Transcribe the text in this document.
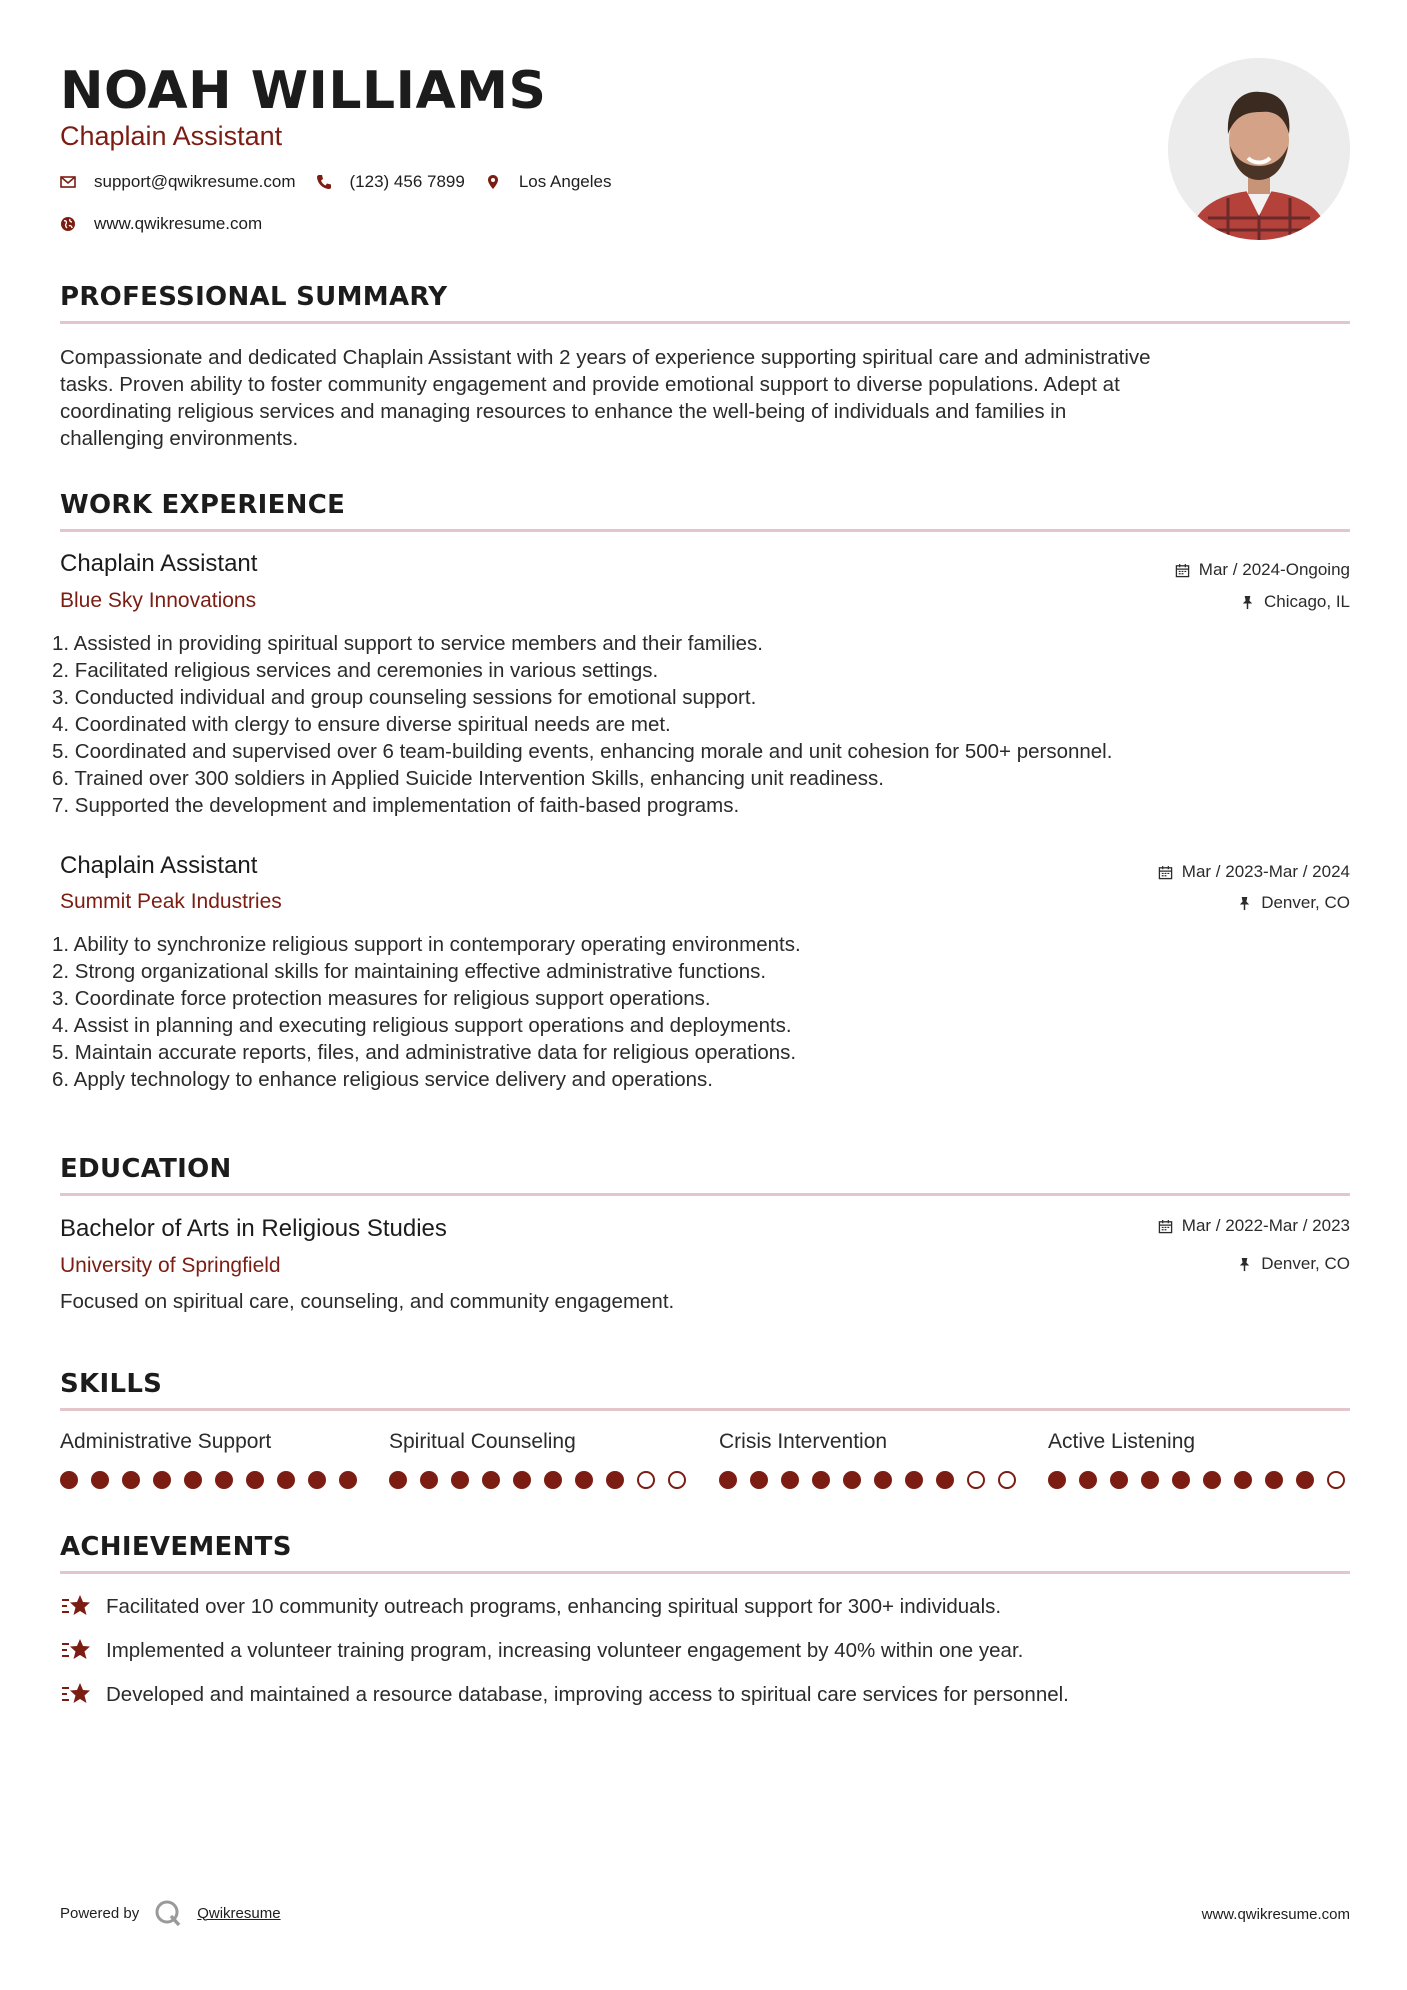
NOAH WILLIAMS
Chaplain Assistant
support@qwikresume.com	(123) 456 7899	Los Angeles
www.qwikresume.com
PROFESSIONAL SUMMARY
Compassionate and dedicated Chaplain Assistant with 2 years of experience supporting spiritual care and administrative
tasks. Proven ability to foster community engagement and provide emotional support to diverse populations. Adept at
coordinating religious services and managing resources to enhance the well-being of individuals and families in
challenging environments.
WORK EXPERIENCE
Chaplain Assistant
Blue Sky Innovations
Mar / 2024-Ongoing
Chicago, IL
1. Assisted in providing spiritual support to service members and their families.
2. Facilitated religious services and ceremonies in various settings.
3. Conducted individual and group counseling sessions for emotional support.
4. Coordinated with clergy to ensure diverse spiritual needs are met.
5. Coordinated and supervised over 6 team-building events, enhancing morale and unit cohesion for 500+ personnel.
6. Trained over 300 soldiers in Applied Suicide Intervention Skills, enhancing unit readiness.
7. Supported the development and implementation of faith-based programs.
Chaplain Assistant
Summit Peak Industries
Mar / 2023-Mar / 2024
Denver, CO
1. Ability to synchronize religious support in contemporary operating environments.
2. Strong organizational skills for maintaining effective administrative functions.
3. Coordinate force protection measures for religious support operations.
4. Assist in planning and executing religious support operations and deployments.
5. Maintain accurate reports, files, and administrative data for religious operations.
6. Apply technology to enhance religious service delivery and operations.
EDUCATION
Bachelor of Arts in Religious Studies
University of Springfield
Mar / 2022-Mar / 2023
Denver, CO
Focused on spiritual care, counseling, and community engagement.
SKILLS
Administrative Support	Spiritual Counseling	Crisis Intervention	Active Listening
ACHIEVEMENTS
Facilitated over 10 community outreach programs, enhancing spiritual support for 300+ individuals.
Implemented a volunteer training program, increasing volunteer engagement by 40% within one year.
Developed and maintained a resource database, improving access to spiritual care services for personnel.
Powered by	Qwikresume	www.qwikresume.com
